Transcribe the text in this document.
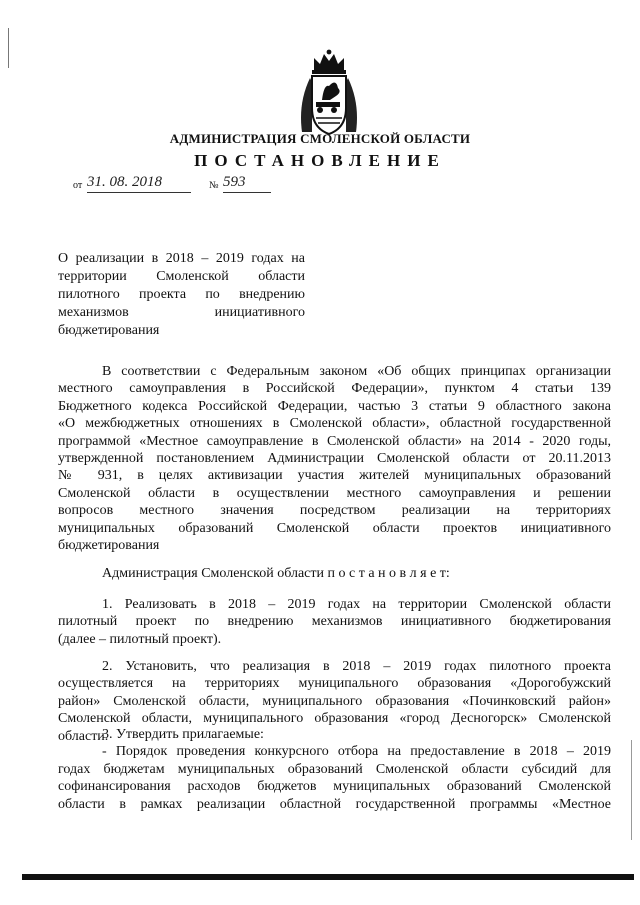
АДМИНИСТРАЦИЯ СМОЛЕНСКОЙ ОБЛАСТИ
ПОСТАНОВЛЕНИЕ
от 31. 08. 2018	№ 593
О реализации в 2018 – 2019 годах на
территории Смоленской области
пилотного проекта по внедрению
механизмов инициативного
бюджетирования
В соответствии с Федеральным законом «Об общих принципах организации
местного самоуправления в Российской Федерации», пунктом 4 статьи 139
Бюджетного кодекса Российской Федерации, частью 3 статьи 9 областного закона
«О межбюджетных отношениях в Смоленской области», областной государственной
программой «Местное самоуправление в Смоленской области» на 2014 - 2020 годы,
утвержденной постановлением Администрации Смоленской области от 20.11.2013
№ 931, в целях активизации участия жителей муниципальных образований
Смоленской области в осуществлении местного самоуправления и решении
вопросов местного значения посредством реализации на территориях
муниципальных образований Смоленской области проектов инициативного
бюджетирования
Администрация Смоленской области п о с т а н о в л я е т:
1. Реализовать в 2018 – 2019 годах на территории Смоленской области
пилотный проект по внедрению механизмов инициативного бюджетирования
(далее – пилотный проект).
2. Установить, что реализация в 2018 – 2019 годах пилотного проекта
осуществляется на территориях муниципального образования «Дорогобужский
район» Смоленской области, муниципального образования «Починковский район»
Смоленской области, муниципального образования «город Десногорск» Смоленской
области.
3. Утвердить прилагаемые:
- Порядок проведения конкурсного отбора на предоставление в 2018 – 2019
годах бюджетам муниципальных образований Смоленской области субсидий для
софинансирования расходов бюджетов муниципальных образований Смоленской
области в рамках реализации областной государственной программы «Местное
